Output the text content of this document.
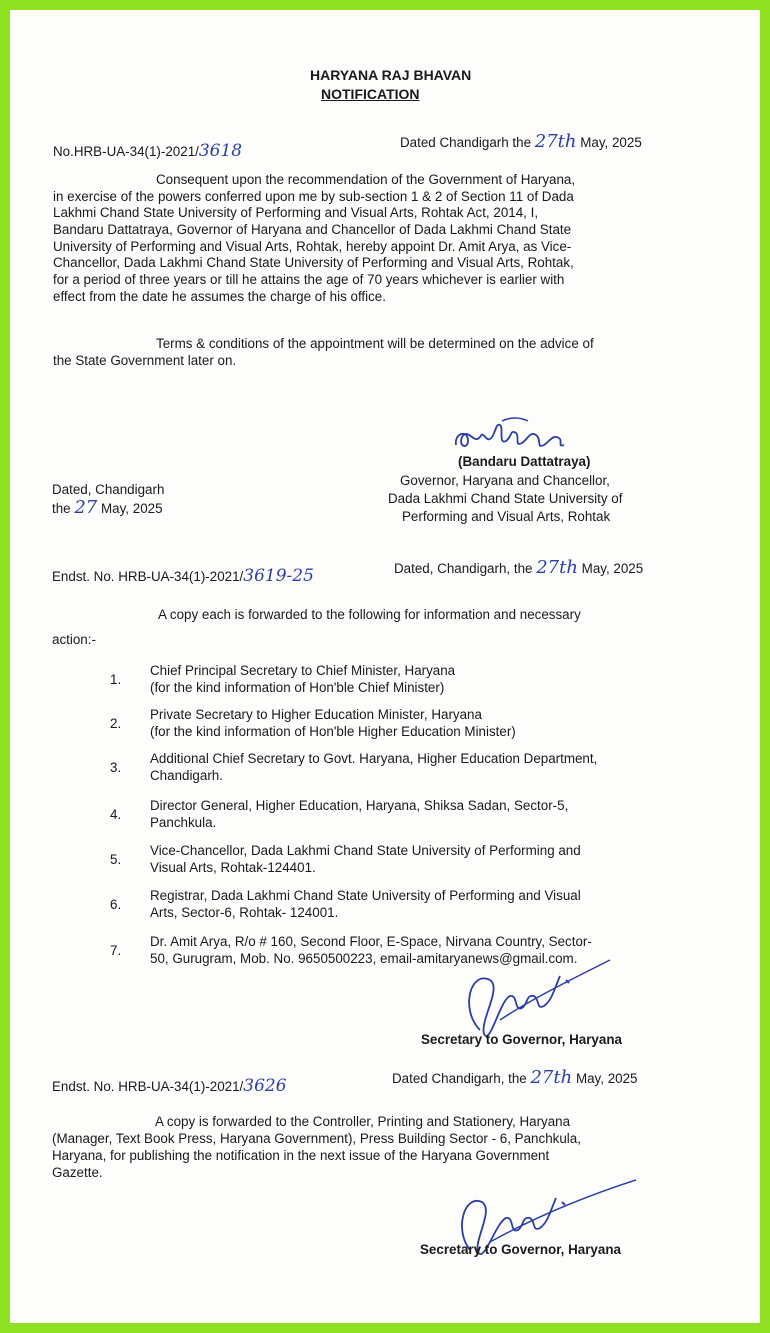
HARYANA RAJ BHAVAN
NOTIFICATION
No.HRB-UA-34(1)-2021/3618	Dated Chandigarh the 27th May, 2025
Consequent upon the recommendation of the Government of Haryana,
in exercise of the powers conferred upon me by sub-section 1 & 2 of Section 11 of Dada
Lakhmi Chand State University of Performing and Visual Arts, Rohtak Act, 2014, I,
Bandaru Dattatraya, Governor of Haryana and Chancellor of Dada Lakhmi Chand State
University of Performing and Visual Arts, Rohtak, hereby appoint Dr. Amit Arya, as Vice-
Chancellor, Dada Lakhmi Chand State University of Performing and Visual Arts, Rohtak,
for a period of three years or till he attains the age of 70 years whichever is earlier with
effect from the date he assumes the charge of his office.
Terms & conditions of the appointment will be determined on the advice of
the State Government later on.
(Bandaru Dattatraya)
Governor, Haryana and Chancellor,
Dada Lakhmi Chand State University of
Performing and Visual Arts, Rohtak
Dated, Chandigarh
the 27 May, 2025
Endst. No. HRB-UA-34(1)-2021/3619-25	Dated, Chandigarh, the 27th May, 2025
A copy each is forwarded to the following for information and necessary
action:-
1.
Chief Principal Secretary to Chief Minister, Haryana
(for the kind information of Hon'ble Chief Minister)
2.
Private Secretary to Higher Education Minister, Haryana
(for the kind information of Hon'ble Higher Education Minister)
3.
Additional Chief Secretary to Govt. Haryana, Higher Education Department,
Chandigarh.
4.
Director General, Higher Education, Haryana, Shiksa Sadan, Sector-5,
Panchkula.
5.
Vice-Chancellor, Dada Lakhmi Chand State University of Performing and
Visual Arts, Rohtak-124401.
6.
Registrar, Dada Lakhmi Chand State University of Performing and Visual
Arts, Sector-6, Rohtak- 124001.
7.
Dr. Amit Arya, R/o # 160, Second Floor, E-Space, Nirvana Country, Sector-
50, Gurugram, Mob. No. 9650500223, email-amitaryanews@gmail.com.
Secretary to Governor, Haryana
Endst. No. HRB-UA-34(1)-2021/3626	Dated Chandigarh, the 27th May, 2025
A copy is forwarded to the Controller, Printing and Stationery, Haryana
(Manager, Text Book Press, Haryana Government), Press Building Sector - 6, Panchkula,
Haryana, for publishing the notification in the next issue of the Haryana Government
Gazette.
Secretary to Governor, Haryana
